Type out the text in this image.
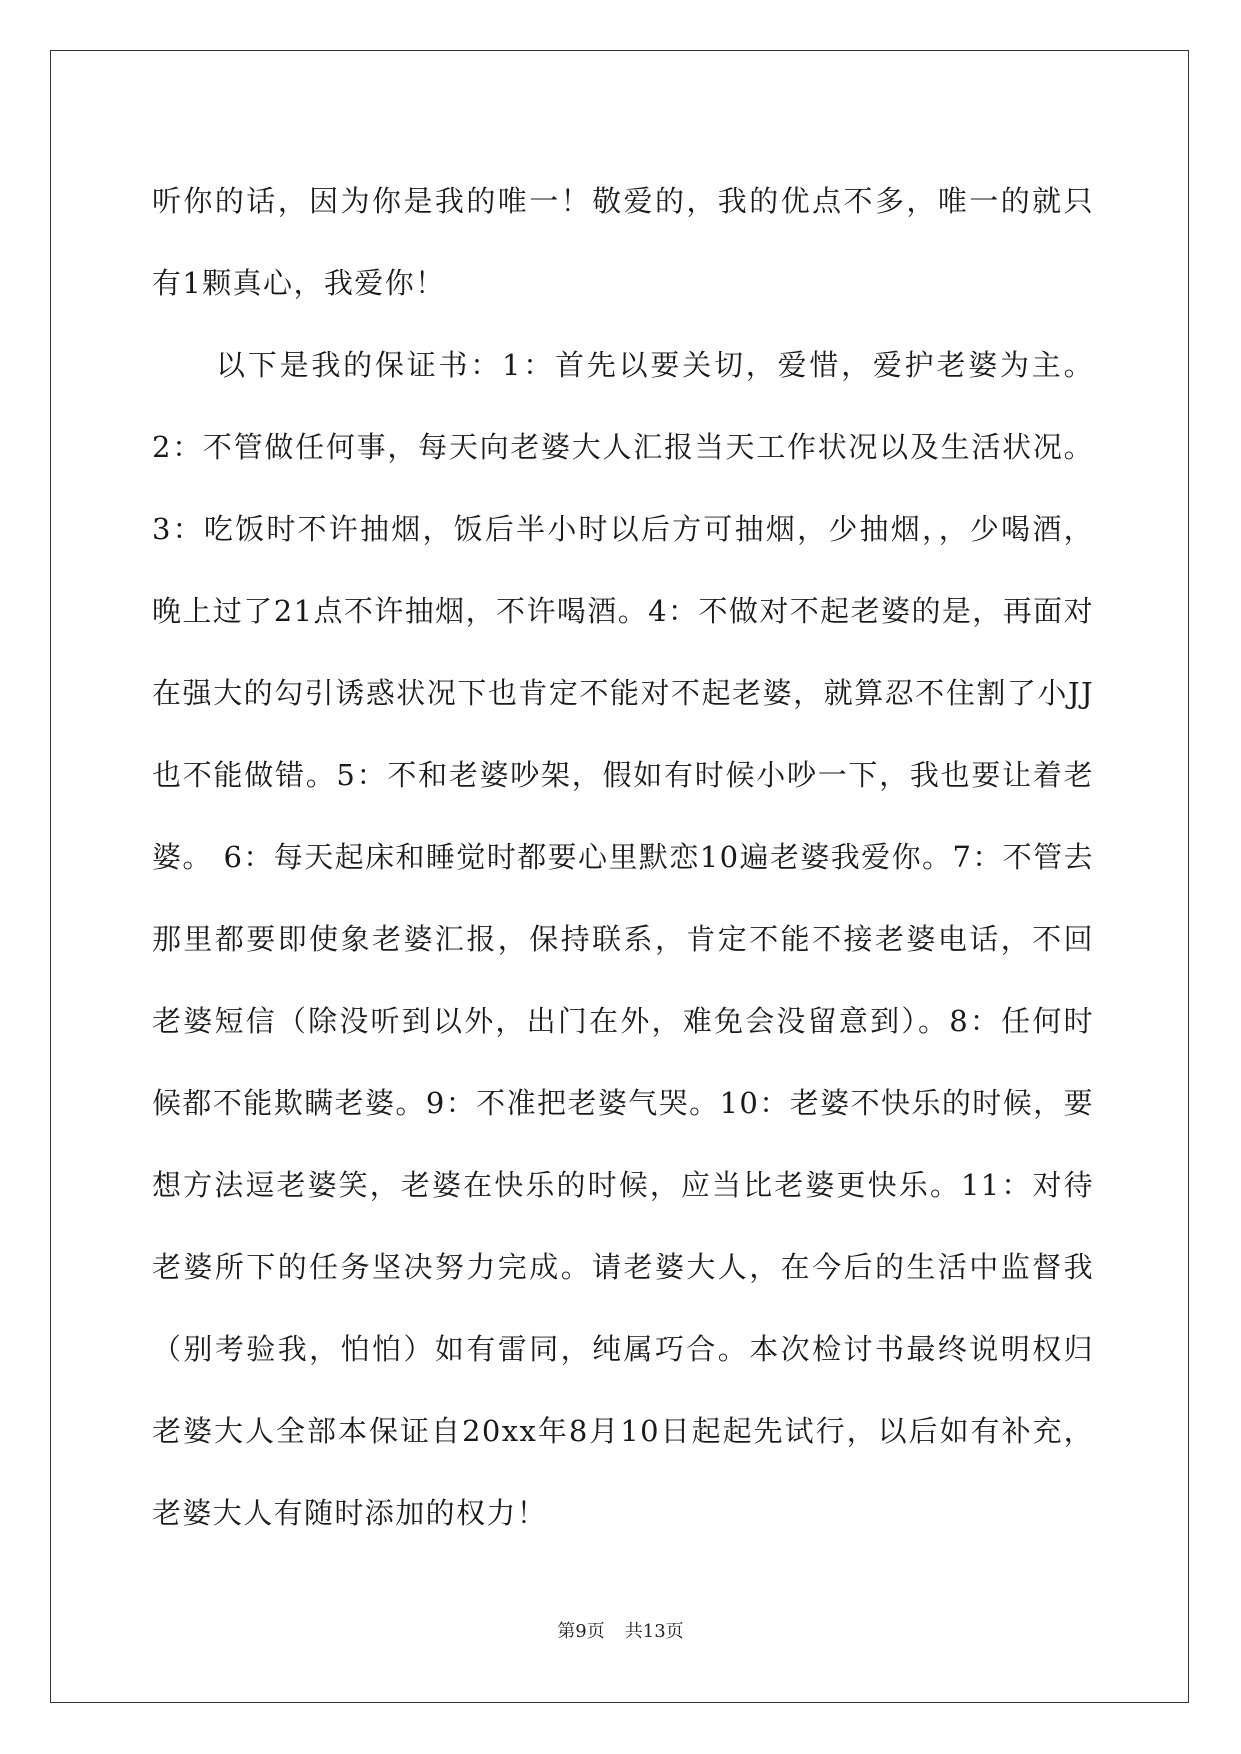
听你的话，因为你是我的唯一！敬爱的，我的优点不多，唯一的就只有1颗真心，我爱你！

以下是我的保证书：1：首先以要关切，爱惜，爱护老婆为主。2：不管做任何事，每天向老婆大人汇报当天工作状况以及生活状况。3：吃饭时不许抽烟，饭后半小时以后方可抽烟，少抽烟，，少喝酒，晚上过了21点不许抽烟，不许喝酒。4：不做对不起老婆的是，再面对在强大的勾引诱惑状况下也肯定不能对不起老婆，就算忍不住割了小JJ也不能做错。5：不和老婆吵架，假如有时候小吵一下，我也要让着老婆。 6：每天起床和睡觉时都要心里默恋10遍老婆我爱你。7：不管去那里都要即使象老婆汇报，保持联系，肯定不能不接老婆电话，不回老婆短信（除没听到以外，出门在外，难免会没留意到）。8：任何时候都不能欺瞒老婆。9：不准把老婆气哭。10：老婆不快乐的时候，要想方法逗老婆笑，老婆在快乐的时候，应当比老婆更快乐。11：对待老婆所下的任务坚决努力完成。请老婆大人，在今后的生活中监督我（别考验我，怕怕）如有雷同，纯属巧合。本次检讨书最终说明权归老婆大人全部本保证自20xx年8月10日起起先试行，以后如有补充，老婆大人有随时添加的权力！

第9页 共13页
